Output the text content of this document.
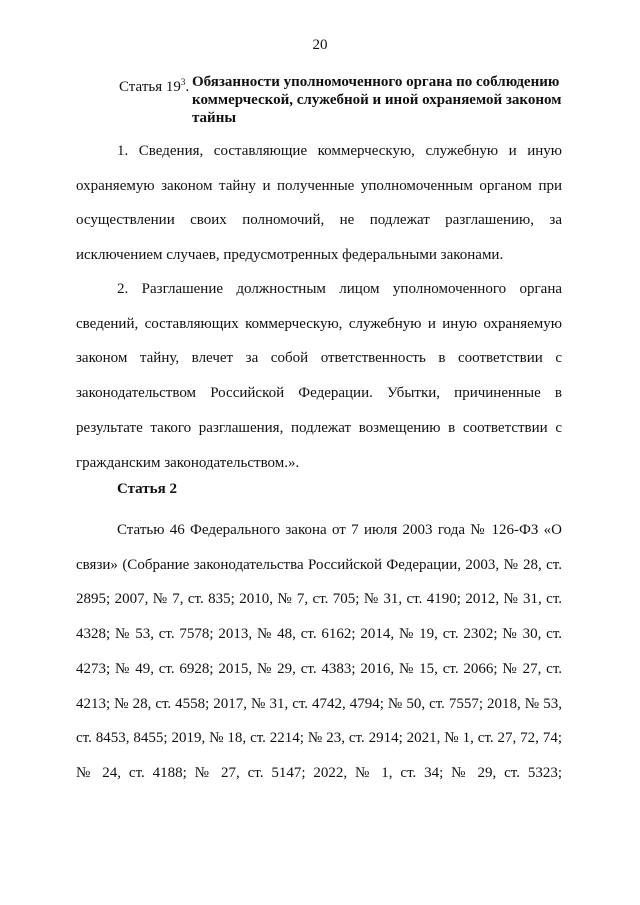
20
Статья $19^3$. Обязанности уполномоченного органа по соблюдению коммерческой, служебной и иной охраняемой законом тайны

1. Сведения, составляющие коммерческую, служебную и иную охраняемую законом тайну и полученные уполномоченным органом при осуществлении своих полномочий, не подлежат разглашению, за исключением случаев, предусмотренных федеральными законами.

2. Разглашение должностным лицом уполномоченного органа сведений, составляющих коммерческую, служебную и иную охраняемую законом тайну, влечет за собой ответственность в соответствии с законодательством Российской Федерации. Убытки, причиненные в результате такого разглашения, подлежат возмещению в соответствии с гражданским законодательством.».

Статья 2

Статью 46 Федерального закона от 7 июля 2003 года № 126-ФЗ «О связи» (Собрание законодательства Российской Федерации, 2003, № 28, ст. 2895; 2007, № 7, ст. 835; 2010, № 7, ст. 705; № 31, ст. 4190; 2012, № 31, ст. 4328; № 53, ст. 7578; 2013, № 48, ст. 6162; 2014, № 19, ст. 2302; № 30, ст. 4273; № 49, ст. 6928; 2015, № 29, ст. 4383; 2016, № 15, ст. 2066; № 27, ст. 4213; № 28, ст. 4558; 2017, № 31, ст. 4742, 4794; № 50, ст. 7557; 2018, № 53, ст. 8453, 8455; 2019, № 18, ст. 2214; № 23, ст. 2914; 2021, № 1, ст. 27, 72, 74; № 24, ст. 4188; № 27, ст. 5147; 2022, № 1, ст. 34; № 29, ст. 5323;
